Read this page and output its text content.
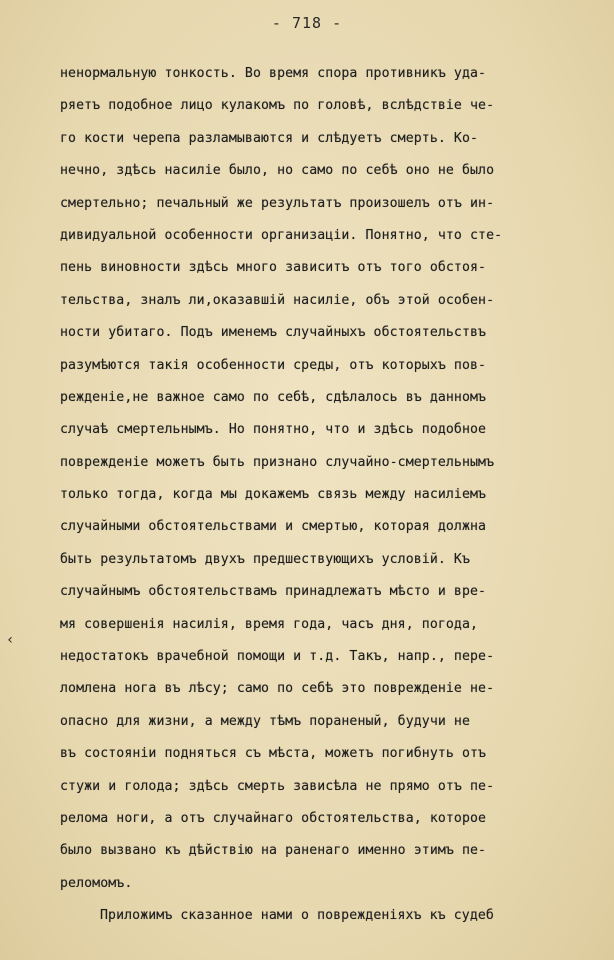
- 718 -
‹
ненормальную тонкость. Во время спора противникъ уда-
ряетъ подобное лицо кулакомъ по головѣ, вслѣдствіе че-
го кости черепа разламываются и слѣдуетъ смерть. Ко-
нечно, здѣсь насиліе было, но само по себѣ оно не было
смертельно; печальный же результатъ произошелъ отъ ин-
дивидуальной особенности организаціи. Понятно, что сте-
пень виновности здѣсь много зависитъ отъ того обстоя-
тельства, зналъ ли,оказавшій насиліе, объ этой особен-
ности убитаго. Подъ именемъ случайныхъ обстоятельствъ
разумѣются такія особенности среды, отъ которыхъ пов-
режденіе,не важное само по себѣ, сдѣлалось въ данномъ
случаѣ смертельнымъ. Но понятно, что и здѣсь подобное
поврежденіе можетъ быть признано случайно-смертельнымъ
только тогда, когда мы докажемъ связь между насиліемъ
случайными обстоятельствами и смертью, которая должна
быть результатомъ двухъ предшествующихъ условій. Къ
случайнымъ обстоятельствамъ принадлежатъ мѣсто и вре-
мя совершенія насилія, время года, часъ дня, погода,
недостатокъ врачебной помощи и т.д. Такъ, напр., пере-
ломлена нога въ лѣсу; само по себѣ это поврежденіе не-
опасно для жизни, а между тѣмъ пораненый, будучи не
въ состояніи подняться съ мѣста, можетъ погибнуть отъ
стужи и голода; здѣсь смерть зависѣла не прямо отъ пе-
релома ноги, а отъ случайнаго обстоятельства, которое
было вызвано къ дѣйствію на раненаго именно этимъ пе-
реломомъ.
Приложимъ сказанное нами о поврежденіяхъ къ судеб
